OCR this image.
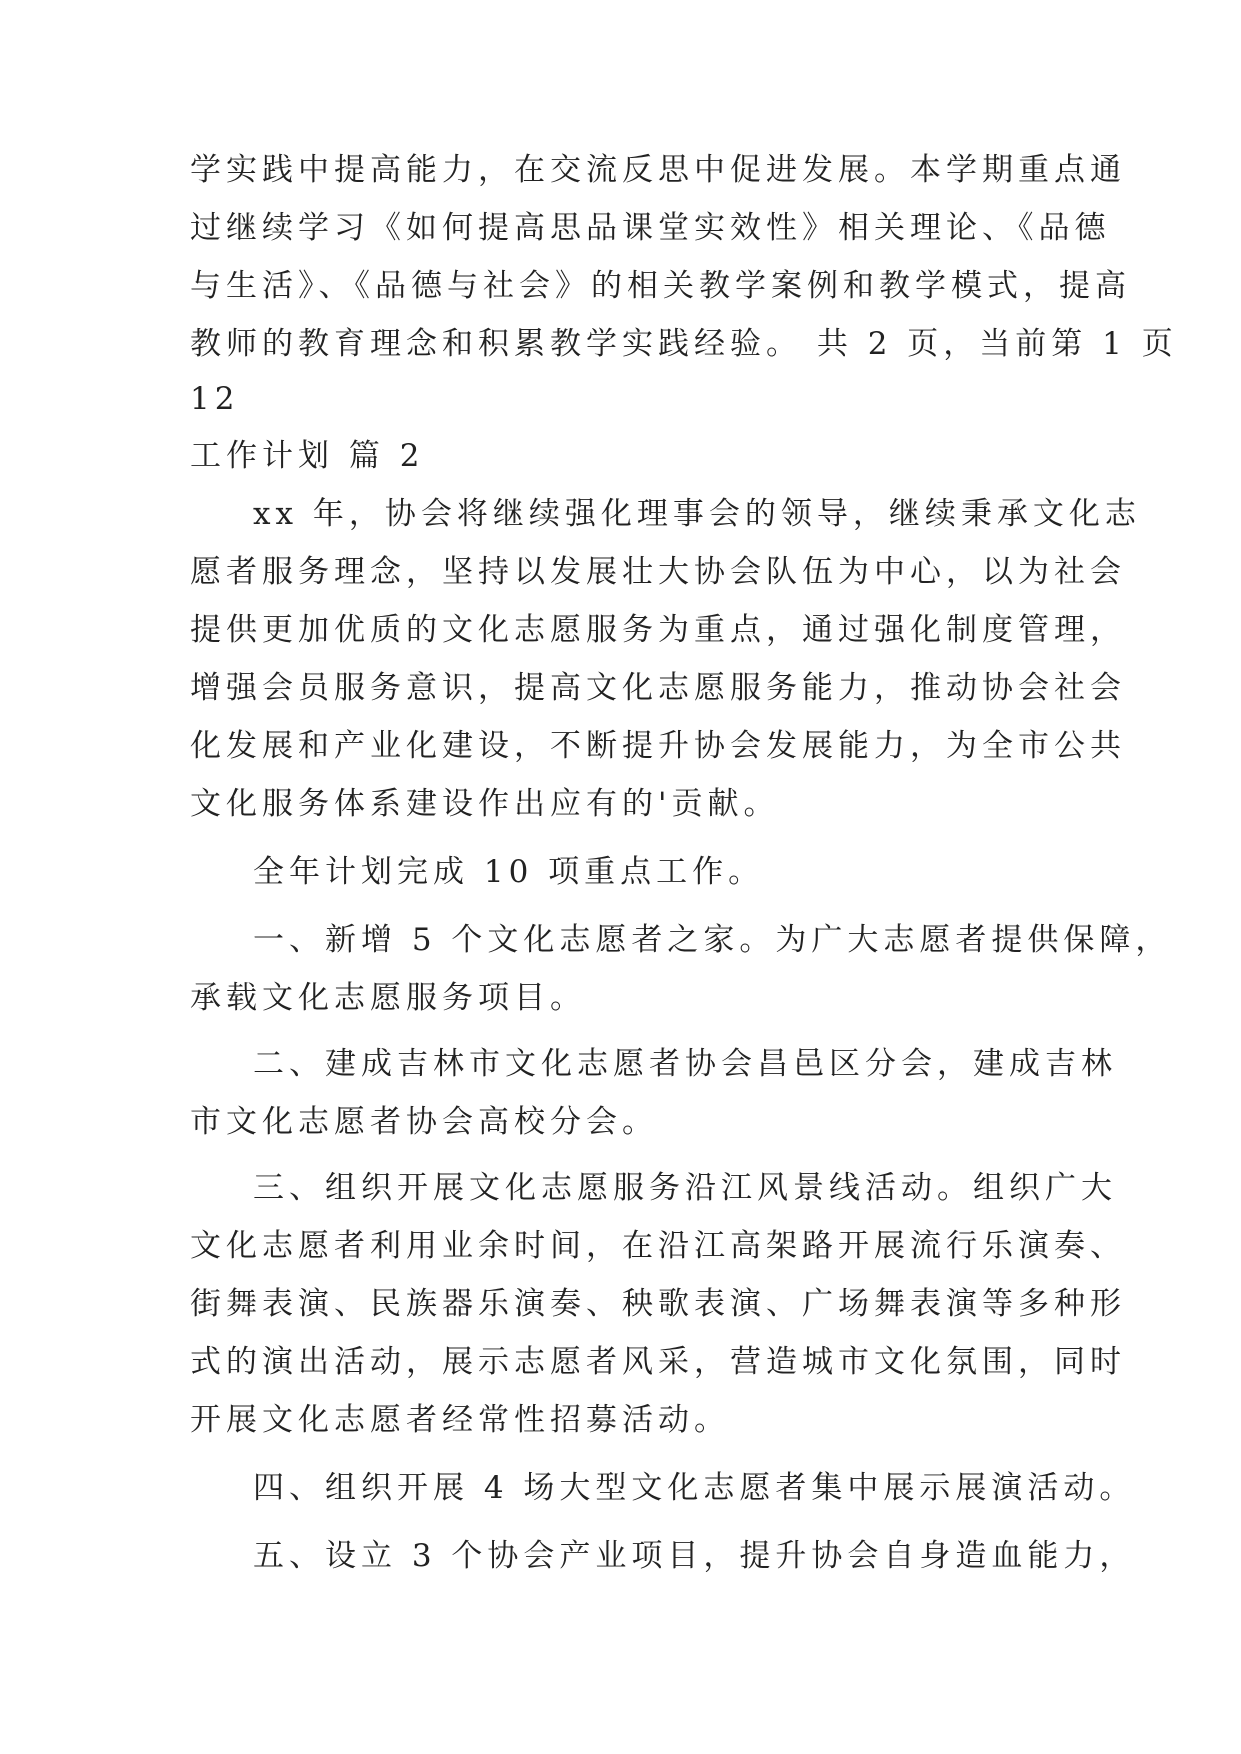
学实践中提高能力，在交流反思中促进发展。本学期重点通
过继续学习《如何提高思品课堂实效性》相关理论、《品德
与生活》、《品德与社会》的相关教学案例和教学模式，提高
教师的教育理念和积累教学实践经验。 共 2 页，当前第 1 页
12
工作计划 篇 2
xx 年，协会将继续强化理事会的领导，继续秉承文化志
愿者服务理念，坚持以发展壮大协会队伍为中心，以为社会
提供更加优质的文化志愿服务为重点，通过强化制度管理，
增强会员服务意识，提高文化志愿服务能力，推动协会社会
化发展和产业化建设，不断提升协会发展能力，为全市公共
文化服务体系建设作出应有的'贡献。
全年计划完成 10 项重点工作。
一、新增 5 个文化志愿者之家。为广大志愿者提供保障，
承载文化志愿服务项目。
二、建成吉林市文化志愿者协会昌邑区分会，建成吉林
市文化志愿者协会高校分会。
三、组织开展文化志愿服务沿江风景线活动。组织广大
文化志愿者利用业余时间，在沿江高架路开展流行乐演奏、
街舞表演、民族器乐演奏、秧歌表演、广场舞表演等多种形
式的演出活动，展示志愿者风采，营造城市文化氛围，同时
开展文化志愿者经常性招募活动。
四、组织开展 4 场大型文化志愿者集中展示展演活动。
五、设立 3 个协会产业项目，提升协会自身造血能力，
